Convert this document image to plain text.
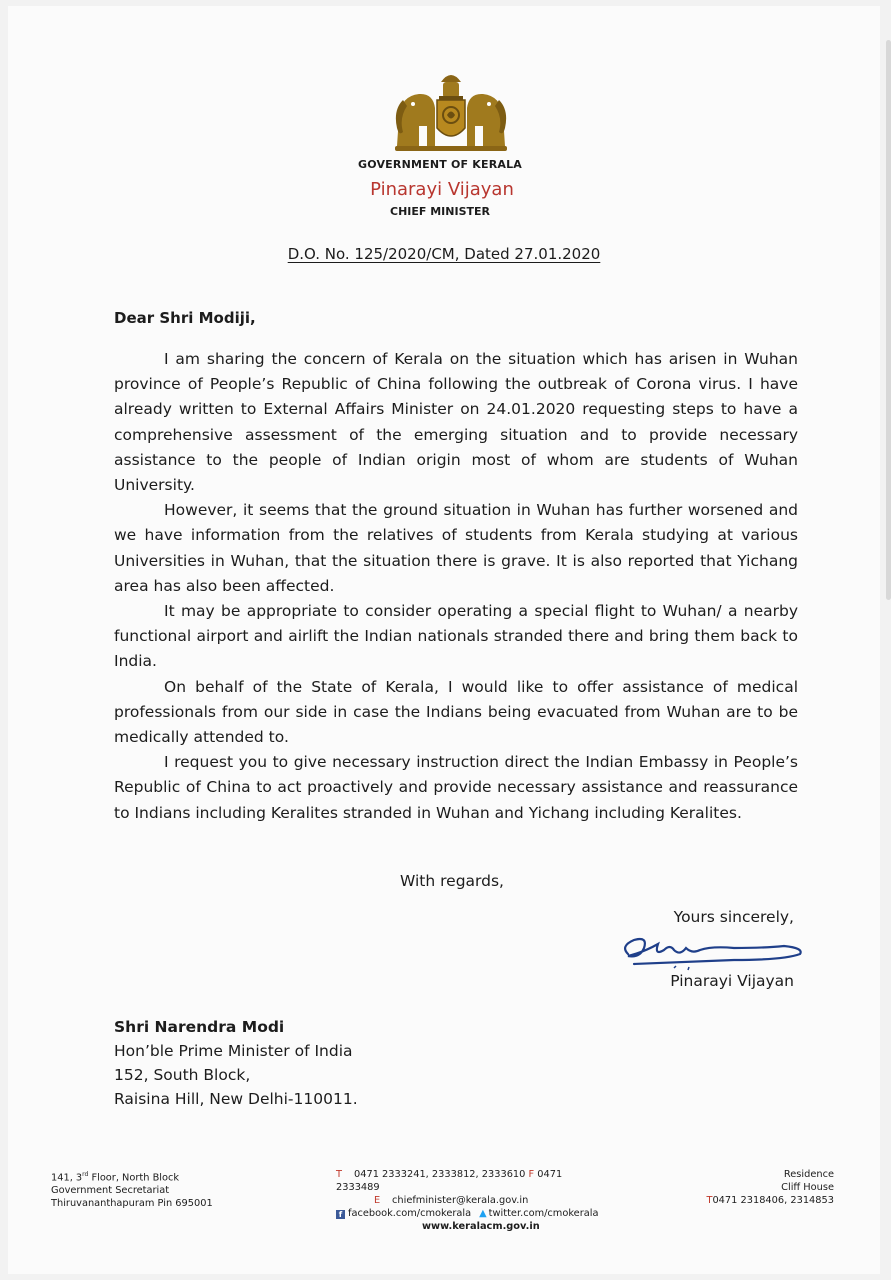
GOVERNMENT OF KERALA
Pinarayi Vijayan
CHIEF MINISTER
D.O. No. 125/2020/CM, Dated 27.01.2020
Dear Shri Modiji,

I am sharing the concern of Kerala on the situation which has arisen in Wuhan province of People’s Republic of China following the outbreak of Corona virus. I have already written to External Affairs Minister on 24.01.2020 requesting steps to have a comprehensive assessment of the emerging situation and to provide necessary assistance to the people of Indian origin most of whom are students of Wuhan University.

However, it seems that the ground situation in Wuhan has further worsened and we have information from the relatives of students from Kerala studying at various Universities in Wuhan, that the situation there is grave. It is also reported that Yichang area has also been affected.

It may be appropriate to consider operating a special flight to Wuhan/ a nearby functional airport and airlift the Indian nationals stranded there and bring them back to India.

On behalf of the State of Kerala, I would like to offer assistance of medical professionals from our side in case the Indians being evacuated from Wuhan are to be medically attended to.

I request you to give necessary instruction direct the Indian Embassy in People’s Republic of China to act proactively and provide necessary assistance and reassurance to Indians including Keralites stranded in Wuhan and Yichang including Keralites.

With regards,
Yours sincerely,
Pinarayi Vijayan
Shri Narendra Modi
Hon’ble Prime Minister of India
152, South Block,
Raisina Hill, New Delhi-110011.
141, 3rd Floor, North Block
Government Secretariat
Thiruvananthapuram Pin 695001
T 0471 2333241, 2333812, 2333610 F 0471 2333489
E chiefminister@kerala.gov.in
f facebook.com/cmokerala ▲ twitter.com/cmokerala
www.keralacm.gov.in
Residence
Cliff House
T0471 2318406, 2314853
